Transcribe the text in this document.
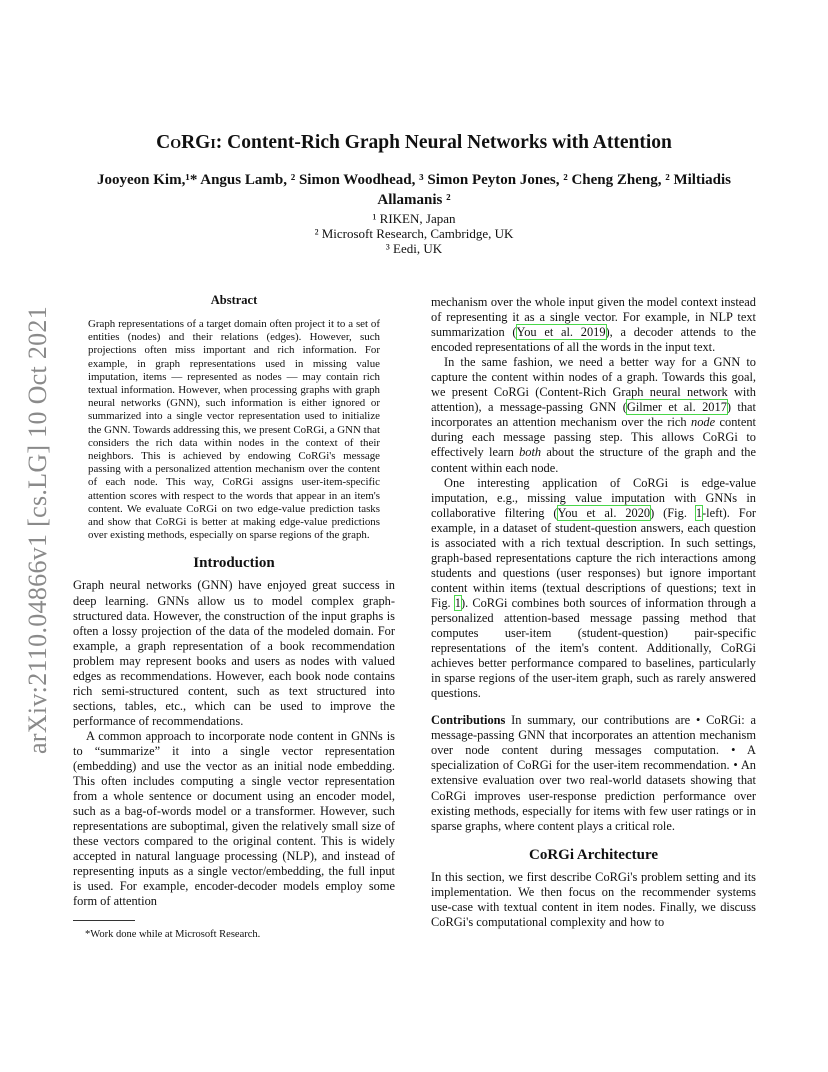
arXiv:2110.04866v1 [cs.LG] 10 Oct 2021
CoRGi: Content-Rich Graph Neural Networks with Attention

Jooyeon Kim,¹* Angus Lamb, ² Simon Woodhead, ³ Simon Peyton Jones, ² Cheng Zheng, ² Miltiadis Allamanis ²

¹ RIKEN, Japan
² Microsoft Research, Cambridge, UK
³ Eedi, UK
Abstract

Graph representations of a target domain often project it to a set of entities (nodes) and their relations (edges). However, such projections often miss important and rich information. For example, in graph representations used in missing value imputation, items — represented as nodes — may contain rich textual information. However, when processing graphs with graph neural networks (GNN), such information is either ignored or summarized into a single vector representation used to initialize the GNN. Towards addressing this, we present CoRGi, a GNN that considers the rich data within nodes in the context of their neighbors. This is achieved by endowing CoRGi's message passing with a personalized attention mechanism over the content of each node. This way, CoRGi assigns user-item-specific attention scores with respect to the words that appear in an item's content. We evaluate CoRGi on two edge-value prediction tasks and show that CoRGi is better at making edge-value predictions over existing methods, especially on sparse regions of the graph.

Introduction

Graph neural networks (GNN) have enjoyed great success in deep learning. GNNs allow us to model complex graph-structured data. However, the construction of the input graphs is often a lossy projection of the data of the modeled domain. For example, a graph representation of a book recommendation problem may represent books and users as nodes with valued edges as recommendations. However, each book node contains rich semi-structured content, such as text structured into sections, tables, etc., which can be used to improve the performance of recommendations.

A common approach to incorporate node content in GNNs is to “summarize” it into a single vector representation (embedding) and use the vector as an initial node embedding. This often includes computing a single vector representation from a whole sentence or document using an encoder model, such as a bag-of-words model or a transformer. However, such representations are suboptimal, given the relatively small size of these vectors compared to the original content. This is widely accepted in natural language processing (NLP), and instead of representing inputs as a single vector/embedding, the full input is used. For example, encoder-decoder models employ some form of attention

mechanism over the whole input given the model context instead of representing it as a single vector. For example, in NLP text summarization (You et al. 2019), a decoder attends to the encoded representations of all the words in the input text.

In the same fashion, we need a better way for a GNN to capture the content within nodes of a graph. Towards this goal, we present CoRGi (Content-Rich Graph neural network with attention), a message-passing GNN (Gilmer et al. 2017) that incorporates an attention mechanism over the rich node content during each message passing step. This allows CoRGi to effectively learn both about the structure of the graph and the content within each node.

One interesting application of CoRGi is edge-value imputation, e.g., missing value imputation with GNNs in collaborative filtering (You et al. 2020) (Fig. 1-left). For example, in a dataset of student-question answers, each question is associated with a rich textual description. In such settings, graph-based representations capture the rich interactions among students and questions (user responses) but ignore important content within items (textual descriptions of questions; text in Fig. 1). CoRGi combines both sources of information through a personalized attention-based message passing method that computes user-item (student-question) pair-specific representations of the item's content. Additionally, CoRGi achieves better performance compared to baselines, particularly in sparse regions of the user-item graph, such as rarely answered questions.

Contributions In summary, our contributions are • CoRGi: a message-passing GNN that incorporates an attention mechanism over node content during messages computation. • A specialization of CoRGi for the user-item recommendation. • An extensive evaluation over two real-world datasets showing that CoRGi improves user-response prediction performance over existing methods, especially for items with few user ratings or in sparse graphs, where content plays a critical role.

CoRGi Architecture

In this section, we first describe CoRGi's problem setting and its implementation. We then focus on the recommender systems use-case with textual content in item nodes. Finally, we discuss CoRGi's computational complexity and how to

*Work done while at Microsoft Research.
